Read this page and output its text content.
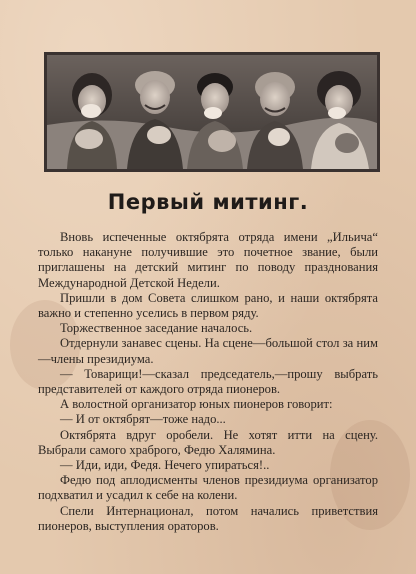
Первый митинг.

Вновь испеченные октябрята отряда имени „Ильича“ только накануне получившие это почетное звание, были приглашены на детский митинг по поводу празднования Международной Детской Недели.

Пришли в дом Совета слишком рано, и наши октябрята важно и степенно уселись в первом ряду.

Торжественное заседание началось.

Отдернули занавес сцены. На сцене—большой стол за ним—члены президиума.

— Товарищи!—сказал председатель,—прошу выбрать представителей от каждого отряда пионеров.

А волостной организатор юных пионеров говорит:

— И от октябрят—тоже надо...

Октябрята вдруг оробели. Не хотят итти на сцену. Выбрали самого храброго, Федю Халямина.

— Иди, иди, Федя. Нечего упираться!..

Федю под аплодисменты членов президиума организатор подхватил и усадил к себе на колени.

Спели Интернационал, потом начались приветствия пионеров, выступления ораторов.
